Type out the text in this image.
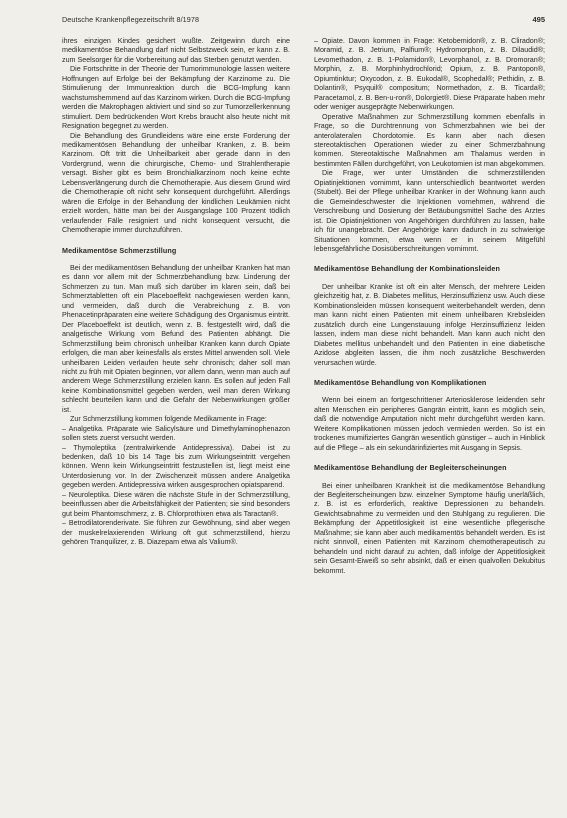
Deutsche Krankenpflegezeitschrift 8/1978	495

ihres einzigen Kindes gesichert wußte. Zeitgewinn durch eine medikamentöse Behandlung darf nicht Selbstzweck sein, er kann z. B. zum Seelsorger für die Vorbereitung auf das Sterben genutzt werden.

Die Fortschritte in der Theorie der Tumorimmunologie lassen weitere Hoffnungen auf Erfolge bei der Bekämpfung der Karzinome zu. Die Stimulierung der Immunreaktion durch die BCG-Impfung kann wachstumshemmend auf das Karzinom wirken. Durch die BCG-Impfung werden die Makrophagen aktiviert und sind so zur Tumorzellerkennung stimuliert. Dem bedrückenden Wort Krebs braucht also heute nicht mit Resignation begegnet zu werden.

Die Behandlung des Grundleidens wäre eine erste Forderung der medikamentösen Behandlung der unheilbar Kranken, z. B. beim Karzinom. Oft tritt die Unheilbarkeit aber gerade dann in den Vordergrund, wenn die chirurgische, Chemo- und Strahlentherapie versagt. Bisher gibt es beim Bronchialkarzinom noch keine echte Lebensverlängerung durch die Chemotherapie. Aus diesem Grund wird die Chemotherapie oft nicht sehr konsequent durchgeführt. Allerdings wären die Erfolge in der Behandlung der kindlichen Leukämien nicht erzielt worden, hätte man bei der Ausgangslage 100 Prozent tödlich verlaufender Fälle resigniert und nicht konsequent versucht, die Chemotherapie immer durchzuführen.

Medikamentöse Schmerzstillung

Bei der medikamentösen Behandlung der unheilbar Kranken hat man es dann vor allem mit der Schmerzbehandlung bzw. Linderung der Schmerzen zu tun. Man muß sich darüber im klaren sein, daß bei Schmerztabletten oft ein Placeboeffekt nachgewiesen werden kann, und vermeiden, daß durch die Verabreichung z. B. von Phenacetinpräparaten eine weitere Schädigung des Organismus eintritt. Der Placeboeffekt ist deutlich, wenn z. B. festgestellt wird, daß die analgetische Wirkung vom Befund des Patienten abhängt. Die Schmerzstillung beim chronisch unheilbar Kranken kann durch Opiate erfolgen, die man aber keinesfalls als erstes Mittel anwenden soll. Viele unheilbaren Leiden verlaufen heute sehr chronisch; daher soll man nicht zu früh mit Opiaten beginnen, vor allem dann, wenn man auch auf anderem Wege Schmerzstillung erzielen kann. Es sollen auf jeden Fall keine Kombinationsmittel gegeben werden, weil man deren Wirkung schlecht beurteilen kann und die Gefahr der Nebenwirkungen größer ist.

Zur Schmerzstillung kommen folgende Medikamente in Frage:

– Analgetika. Präparate wie Salicylsäure und Dimethylaminophenazon sollen stets zuerst versucht werden.

– Thymoleptika (zentralwirkende Antidepressiva). Dabei ist zu bedenken, daß 10 bis 14 Tage bis zum Wirkungseintritt vergehen können. Wenn kein Wirkungseintritt festzustellen ist, liegt meist eine Unterdosierung vor. In der Zwischenzeit müssen andere Analgetika gegeben werden. Antidepressiva wirken ausgesprochen opiatsparend.

– Neuroleptika. Diese wären die nächste Stufe in der Schmerzstillung, beeinflussen aber die Arbeitsfähigkeit der Patienten; sie sind besonders gut beim Phantomschmerz, z. B. Chlorprothixen etwa als Taractan®.

– Betrodilatorenderivate. Sie führen zur Gewöhnung, sind aber wegen der muskelrelaxierenden Wirkung oft gut schmerzstillend, hierzu gehören Tranquilizer, z. B. Diazepam etwa als Valium®.

– Opiate. Davon kommen in Frage: Ketobemidon®, z. B. Cliradon®; Moramid, z. B. Jetrium, Palfium®; Hydromorphon, z. B. Dilaudid®; Levomethadon, z. B. 1-Polamidon®, Levorphanol, z. B. Dromoran®; Morphin, z. B. Morphinhydrochlorid; Opium, z. B. Pantopon®, Opiumtinktur; Oxycodon, z. B. Eukodal®, Scophedal®; Pethidin, z. B. Dolantin®, Psyquil® compositum; Normethadon, z. B. Ticarda®; Paracetamol, z. B. Ben-u-ron®, Dolorgiet®. Diese Präparate haben mehr oder weniger ausgeprägte Nebenwirkungen.

Operative Maßnahmen zur Schmerzstillung kommen ebenfalls in Frage, so die Durchtrennung von Schmerzbahnen wie bei der anterolateralen Chordotomie. Es kann aber nach diesen stereotaktischen Operationen wieder zu einer Schmerzbahnung kommen. Stereotaktische Maßnahmen am Thalamus werden in bestimmten Fällen durchgeführt, von Leukotomien ist man abgekommen.

Die Frage, wer unter Umständen die schmerzstillenden Opiatinjektionen vornimmt, kann unterschiedlich beantwortet werden (Stubelt). Bei der Pflege unheilbar Kranker in der Wohnung kann auch die Gemeindeschwester die Injektionen vornehmen, während die Verschreibung und Dosierung der Betäubungsmittel Sache des Arztes ist. Die Opiatinjektionen von Angehörigen durchführen zu lassen, halte ich für unangebracht. Der Angehörige kann dadurch in zu schwierige Situationen kommen, etwa wenn er in seinem Mitgefühl lebensgefährliche Dosisüberschreitungen vornimmt.

Medikamentöse Behandlung der Kombinationsleiden

Der unheilbar Kranke ist oft ein alter Mensch, der mehrere Leiden gleichzeitig hat, z. B. Diabetes mellitus, Herzinsuffizienz usw. Auch diese Kombinationsleiden müssen konsequent weiterbehandelt werden, denn man kann nicht einen Patienten mit einem unheilbaren Krebsleiden zusätzlich durch eine Lungenstauung infolge Herzinsuffizienz leiden lassen, indem man diese nicht behandelt. Man kann auch nicht den Diabetes mellitus unbehandelt und den Patienten in eine diabetische Azidose abgleiten lassen, die ihm noch zusätzliche Beschwerden verursachen würde.

Medikamentöse Behandlung von Komplikationen

Wenn bei einem an fortgeschrittener Arteriosklerose leidenden sehr alten Menschen ein peripheres Gangrän eintritt, kann es möglich sein, daß die notwendige Amputation nicht mehr durchgeführt werden kann. Weitere Komplikationen müssen jedoch vermieden werden. So ist ein trockenes mumifiziertes Gangrän wesentlich günstiger – auch in Hinblick auf die Pflege – als ein sekundärinfiziertes mit Ausgang in Sepsis.

Medikamentöse Behandlung der Begleiterscheinungen

Bei einer unheilbaren Krankheit ist die medikamentöse Behandlung der Begleiterscheinungen bzw. einzelner Symptome häufig unerläßlich, z. B. ist es erforderlich, reaktive Depressionen zu behandeln. Gewichtsabnahme zu vermeiden und den Stuhlgang zu regulieren. Die Bekämpfung der Appetitlosigkeit ist eine wesentliche pflegerische Maßnahme; sie kann aber auch medikamentös behandelt werden. Es ist nicht sinnvoll, einen Patienten mit Karzinom chemotherapeutisch zu behandeln und nicht darauf zu achten, daß infolge der Appetitlosigkeit sein Gesamt-Eiweiß so sehr absinkt, daß er einen qualvollen Dekubitus bekommt.
